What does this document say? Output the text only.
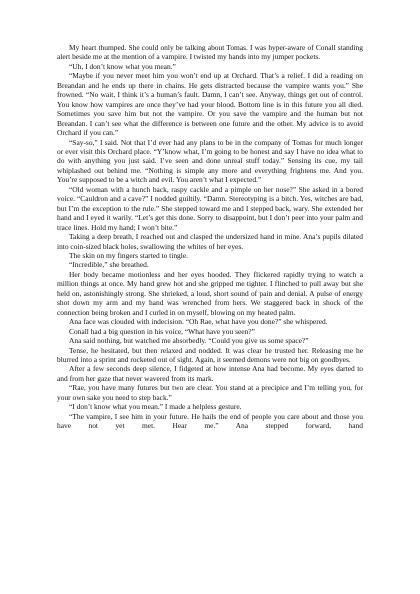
My heart thumped. She could only be talking about Tomas. I was hyper-aware of Conall standing alert beside me at the mention of a vampire. I twisted my hands into my jumper pockets.

“Uh, I don’t know what you mean.”

“Maybe if you never meet him you won’t end up at Orchard. That’s a relief. I did a reading on Breandan and he ends up there in chains. He gets distracted because the vampire wants you.” She frowned. “No wait, I think it’s a human’s fault. Damn, I can’t see. Anyway, things get out of control. You know how vampires are once they’ve had your blood. Bottom line is in this future you all died. Sometimes you save him but not the vampire. Or you save the vampire and the human but not Breandan. I can’t see what the difference is between one future and the other. My advice is to avoid Orchard if you can.”

“Say-so,” I said. Not that I’d ever had any plans to be in the company of Tomas for much longer or ever visit this Orchard place. “Y’know what, I’m going to be honest and say I have no idea what to do with anything you just said. I’ve seen and done unreal stuff today.” Sensing its cue, my tail whiplashed out behind me. “Nothing is simple any more and everything frightens me. And you. You’re supposed to be a witch and evil. You aren’t what I expected.”

“Old woman with a hunch back, raspy cackle and a pimple on her nose?” She asked in a bored voice. “Cauldron and a cave?” I nodded guiltily. “Damn. Stereotyping is a bitch. Yes, witches are bad, but I’m the exception to the rule.” She stepped toward me and I stepped back, wary. She extended her hand and I eyed it warily. “Let’s get this done. Sorry to disappoint, but I don’t peer into your palm and trace lines. Hold my hand; I won’t bite.”

Taking a deep breath, I reached out and clasped the undersized hand in mine. Ana’s pupils dilated into coin-sized black holes, swallowing the whites of her eyes.

The skin on my fingers started to tingle.

“Incredible,” she breathed.

Her body became motionless and her eyes hooded. They flickered rapidly trying to watch a million things at once. My hand grew hot and she gripped me tighter. I flinched to pull away but she held on, astonishingly strong. She shrieked, a loud, short sound of pain and denial. A pulse of energy shot down my arm and my hand was wrenched from hers. We staggered back in shock of the connection being broken and I curled in on myself, blowing on my heated palm.

Ana face was clouded with indecision. “Oh Rae, what have you done?” she whispered.

Conall had a big question in his voice, “What have you seen?”

Ana said nothing, but watched me absorbedly. “Could you give us some space?”

Tense, he hesitated, but then relaxed and nodded. It was clear he trusted her. Releasing me he blurred into a sprint and rocketed out of sight. Again, it seemed demons were not big on goodbyes.

After a few seconds deep silence, I fidgeted at how intense Ana had become. My eyes darted to and from her gaze that never wavered from its mark.

“Rae, you have many futures but two are clear. You stand at a precipice and I’m telling you, for your own sake you need to step back.”

“I don’t know what you mean.” I made a helpless gesture.

“The vampire, I see him in your future. He hails the end of people you care about and those you have not yet met. Hear me.” Ana stepped forward, hand
